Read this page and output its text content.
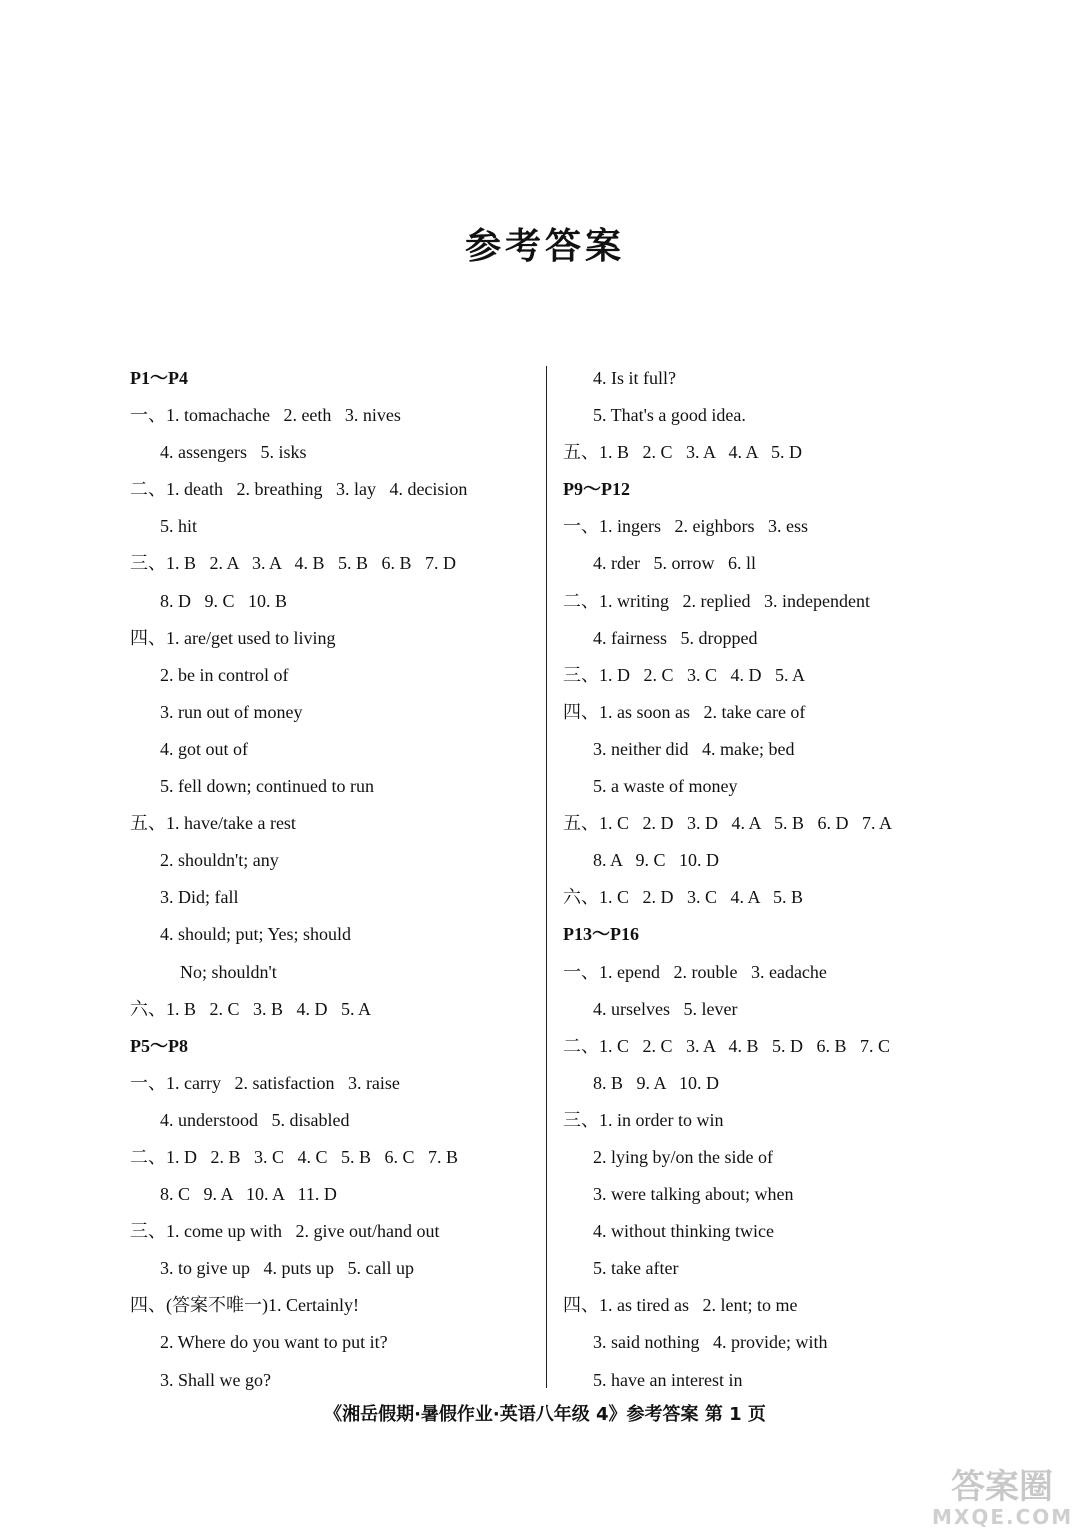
参考答案
P1～P4
一、1. tomachache   2. eeth   3. nives
4. assengers   5. isks
二、1. death   2. breathing   3. lay   4. decision
5. hit
三、1. B   2. A   3. A   4. B   5. B   6. B   7. D
8. D   9. C   10. B
四、1. are/get used to living
2. be in control of
3. run out of money
4. got out of
5. fell down; continued to run
五、1. have/take a rest
2. shouldn't; any
3. Did; fall
4. should; put; Yes; should
No; shouldn't
六、1. B   2. C   3. B   4. D   5. A
P5～P8
一、1. carry   2. satisfaction   3. raise
4. understood   5. disabled
二、1. D   2. B   3. C   4. C   5. B   6. C   7. B
8. C   9. A   10. A   11. D
三、1. come up with   2. give out/hand out
3. to give up   4. puts up   5. call up
四、(答案不唯一)1. Certainly!
2. Where do you want to put it?
3. Shall we go?
4. Is it full?
5. That's a good idea.
五、1. B   2. C   3. A   4. A   5. D
P9～P12
一、1. ingers   2. eighbors   3. ess
4. rder   5. orrow   6. ll
二、1. writing   2. replied   3. independent
4. fairness   5. dropped
三、1. D   2. C   3. C   4. D   5. A
四、1. as soon as   2. take care of
3. neither did   4. make; bed
5. a waste of money
五、1. C   2. D   3. D   4. A   5. B   6. D   7. A
8. A   9. C   10. D
六、1. C   2. D   3. C   4. A   5. B
P13～P16
一、1. epend   2. rouble   3. eadache
4. urselves   5. lever
二、1. C   2. C   3. A   4. B   5. D   6. B   7. C
8. B   9. A   10. D
三、1. in order to win
2. lying by/on the side of
3. were talking about; when
4. without thinking twice
5. take after
四、1. as tired as   2. lent; to me
3. said nothing   4. provide; with
5. have an interest in
《湘岳假期·暑假作业·英语八年级 4》参考答案 第 1 页
答案圈
MXQE.COM
